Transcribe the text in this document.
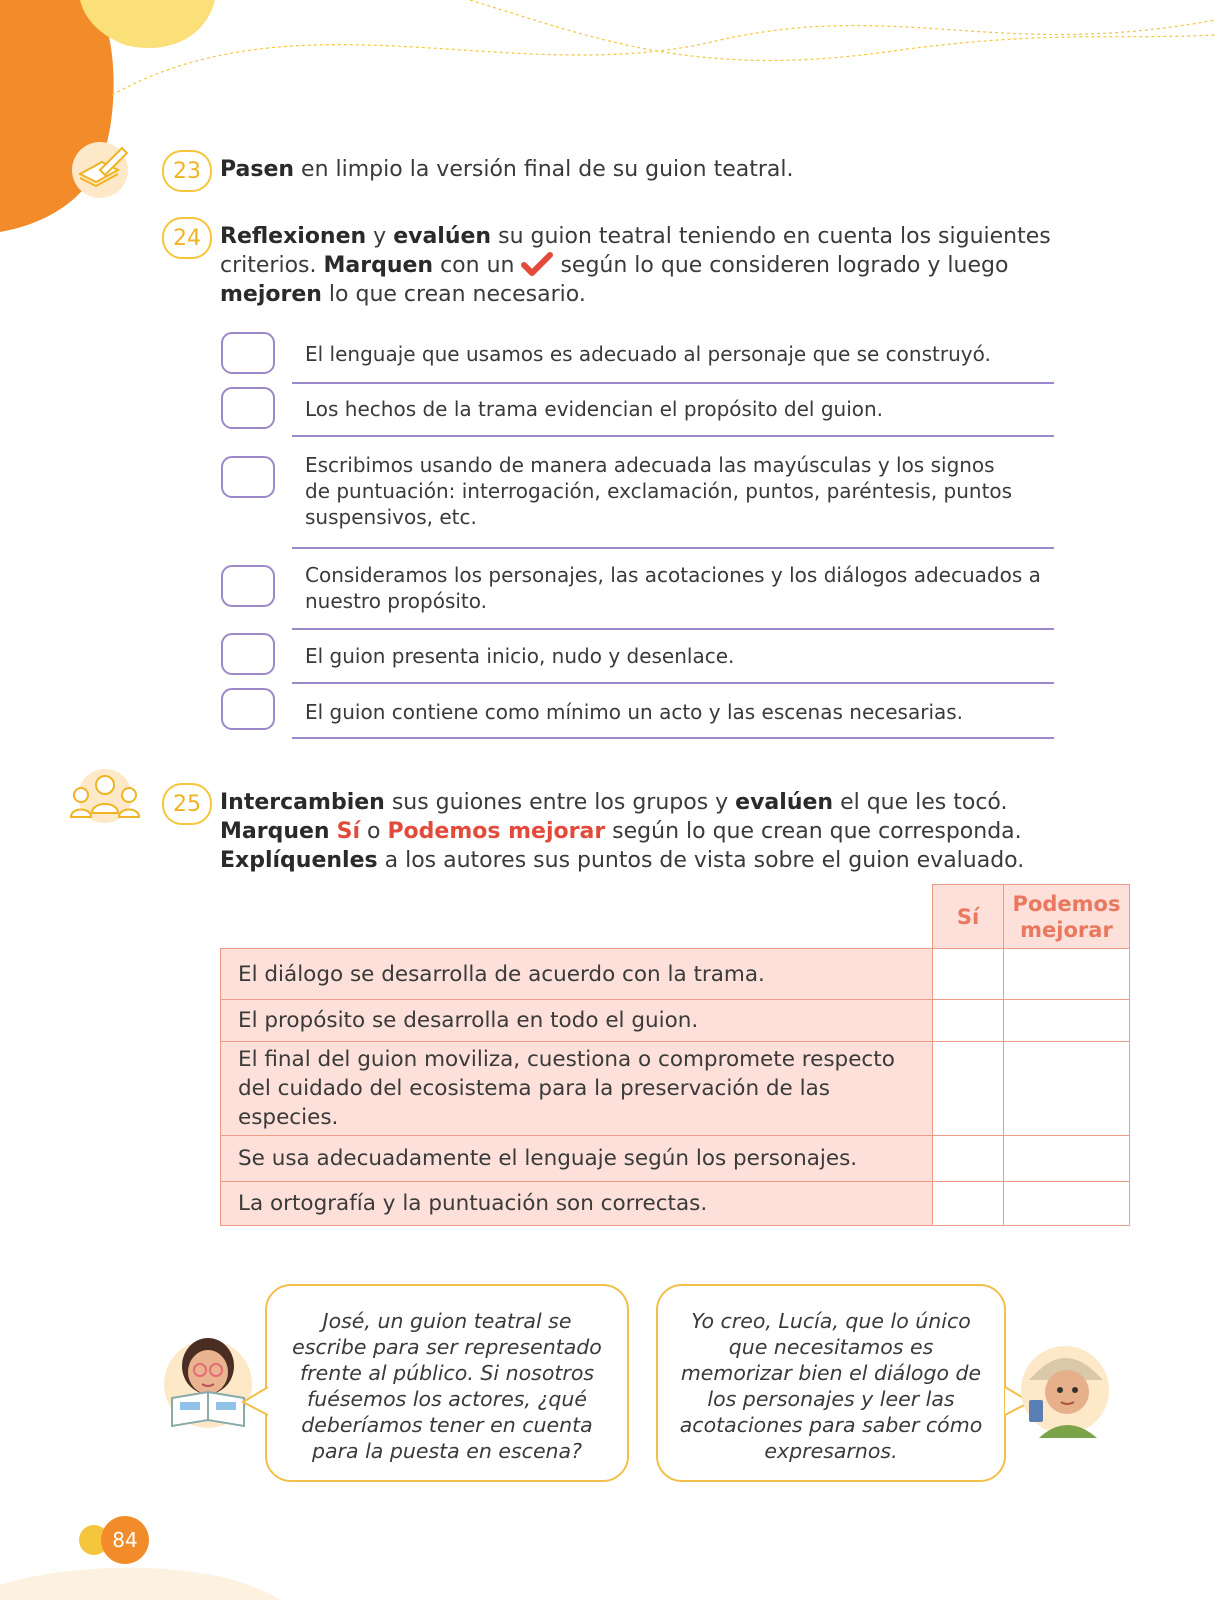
23 Pasen en limpio la versión final de su guion teatral.
24 Reflexionen y evalúen su guion teatral teniendo en cuenta los siguientes criterios. Marquen con un  según lo que consideren logrado y luego mejoren lo que crean necesario.
El lenguaje que usamos es adecuado al personaje que se construyó.
Los hechos de la trama evidencian el propósito del guion.
Escribimos usando de manera adecuada las mayúsculas y los signos de puntuación: interrogación, exclamación, puntos, paréntesis, puntos suspensivos, etc.
Consideramos los personajes, las acotaciones y los diálogos adecuados a nuestro propósito.
El guion presenta inicio, nudo y desenlace.
El guion contiene como mínimo un acto y las escenas necesarias.
25 Intercambien sus guiones entre los grupos y evalúen el que les tocó. Marquen Sí o Podemos mejorar según lo que crean que corresponda. Explíquenles a los autores sus puntos de vista sobre el guion evaluado.
	Sí	Podemos mejorar
El diálogo se desarrolla de acuerdo con la trama.		
El propósito se desarrolla en todo el guion.		
El final del guion moviliza, cuestiona o compromete respecto del cuidado del ecosistema para la preservación de las especies.		
Se usa adecuadamente el lenguaje según los personajes.		
La ortografía y la puntuación son correctas.		
José, un guion teatral se escribe para ser representado frente al público. Si nosotros fuésemos los actores, ¿qué deberíamos tener en cuenta para la puesta en escena?
Yo creo, Lucía, que lo único que necesitamos es memorizar bien el diálogo de los personajes y leer las acotaciones para saber cómo expresarnos.
84
